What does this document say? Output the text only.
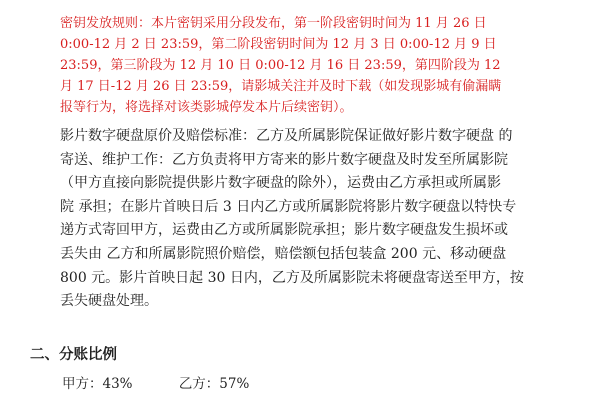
密钥发放规则：本片密钥采用分段发布，第一阶段密钥时间为 11 月 26 日
0:00-12 月 2 日 23:59，第二阶段密钥时间为 12 月 3 日 0:00-12 月 9 日
23:59，第三阶段为 12 月 10 日 0:00-12 月 16 日 23:59，第四阶段为 12
月 17 日-12 月 26 日 23:59，请影城关注并及时下载（如发现影城有偷漏瞒
报等行为，将选择对该类影城停发本片后续密钥）。
影片数字硬盘原价及赔偿标准：乙方及所属影院保证做好影片数字硬盘 的
寄送、维护工作：乙方负责将甲方寄来的影片数字硬盘及时发至所属影院
（甲方直接向影院提供影片数字硬盘的除外），运费由乙方承担或所属影
院 承担；在影片首映日后 3 日内乙方或所属影院将影片数字硬盘以特快专
递方式寄回甲方，运费由乙方或所属影院承担；影片数字硬盘发生损坏或
丢失由 乙方和所属影院照价赔偿，赔偿额包括包装盒 200 元、移动硬盘
800 元。影片首映日起 30 日内，乙方及所属影院未将硬盘寄送至甲方，按
丢失硬盘处理。
二、分账比例
甲方：43%	乙方：57%
